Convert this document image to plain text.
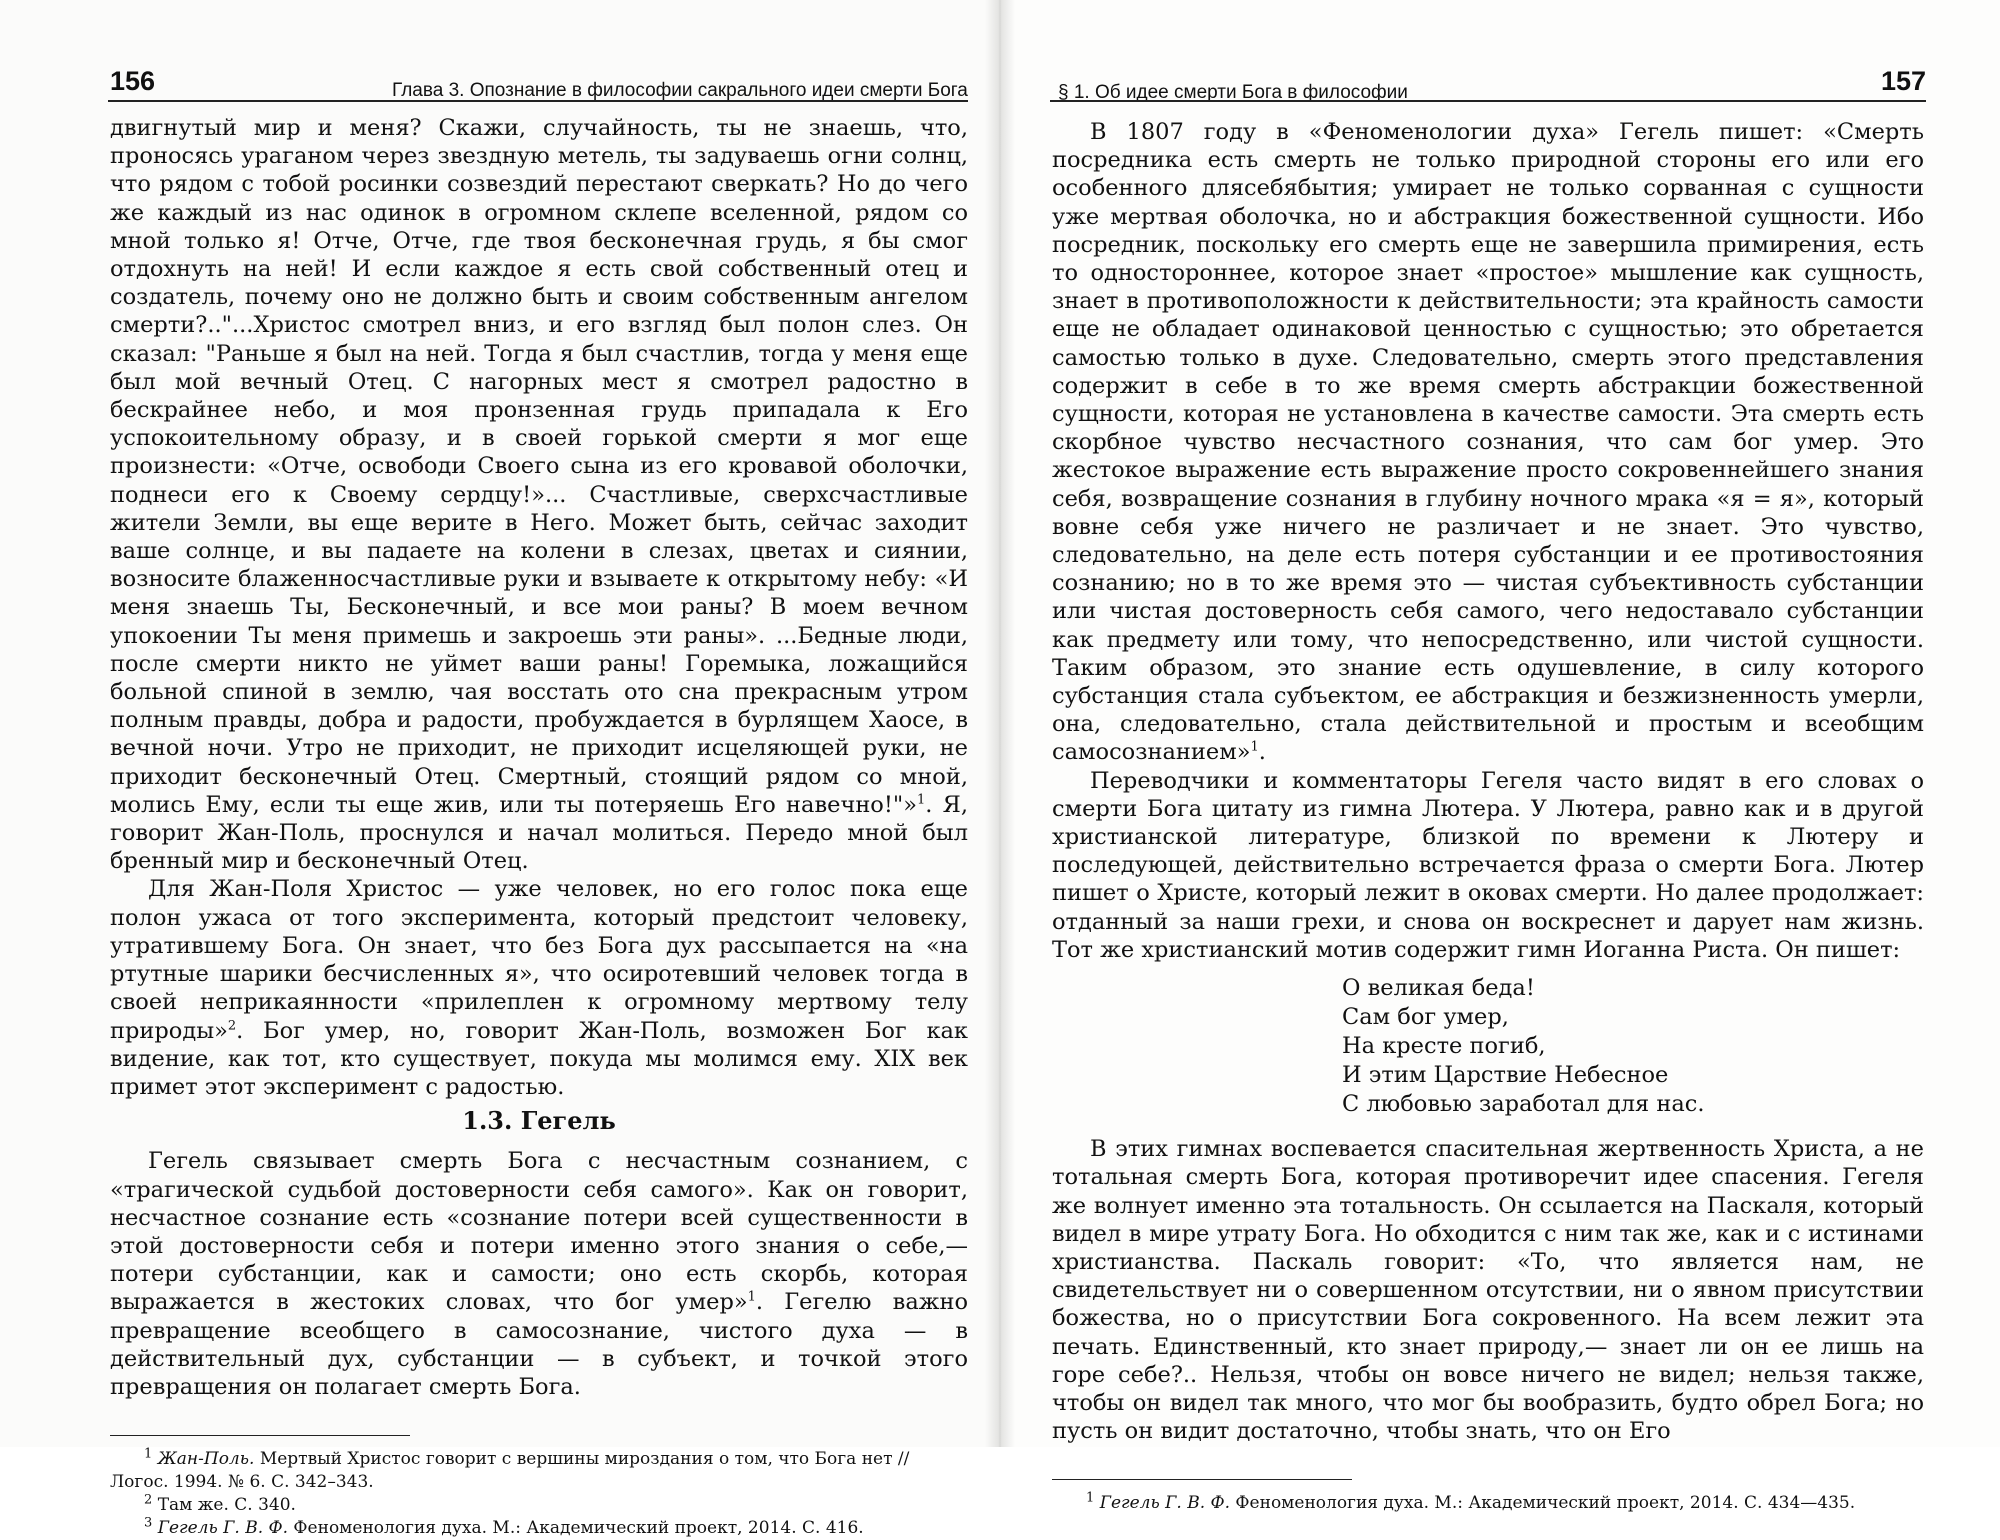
156	Глава 3. Опознание в философии сакрального идеи смерти Бога

двигнутый мир и меня? Скажи, случайность, ты не знаешь, что, проносясь ураганом через звездную метель, ты задуваешь огни солнц, что рядом с тобой росинки созвездий перестают сверкать? Но до чего же каждый из нас одинок в огромном склепе вселенной, рядом со мной только я! Отче, Отче, где твоя бесконечная грудь, я бы смог отдохнуть на ней! И если каждое я есть свой собственный отец и создатель, почему оно не должно быть и своим собственным ангелом смерти?.."...Христос смотрел вниз, и его взгляд был полон слез. Он сказал: "Раньше я был на ней. Тогда я был счастлив, тогда у меня еще был мой вечный Отец. С нагорных мест я смотрел радостно в бескрайнее небо, и моя пронзенная грудь припадала к Его успокоительному образу, и в своей горькой смерти я мог еще произнести: «Отче, освободи Своего сына из его кровавой оболочки, поднеси его к Своему сердцу!»... Счастливые, сверхсчастливые жители Земли, вы еще верите в Него. Может быть, сейчас заходит ваше солнце, и вы падаете на колени в слезах, цветах и сиянии, возносите блаженносчастливые руки и взываете к открытому небу: «И меня знаешь Ты, Бесконечный, и все мои раны? В моем вечном упокоении Ты меня примешь и закроешь эти раны». ...Бедные люди, после смерти никто не уймет ваши раны! Горемыка, ложащийся больной спиной в землю, чая восстать ото сна прекрасным утром полным правды, добра и радости, пробуждается в бурлящем Хаосе, в вечной ночи. Утро не приходит, не приходит исцеляющей руки, не приходит бесконечный Отец. Смертный, стоящий рядом со мной, молись Ему, если ты еще жив, или ты потеряешь Его навечно!"»$^1$. Я, говорит Жан-Поль, проснулся и начал молиться. Передо мной был бренный мир и бесконечный Отец.

Для Жан-Поля Христос — уже человек, но его голос пока еще полон ужаса от того эксперимента, который предстоит человеку, утратившему Бога. Он знает, что без Бога дух рассыпается на «на ртутные шарики бесчисленных я», что осиротевший человек тогда в своей неприкаянности «прилеплен к огромному мертвому телу природы»$^2$. Бог умер, но, говорит Жан-Поль, возможен Бог как видение, как тот, кто существует, покуда мы молимся ему. XIX век примет этот эксперимент с радостью.

1.3. Гегель

Гегель связывает смерть Бога с несчастным сознанием, с «трагической судьбой достоверности себя самого». Как он говорит, несчастное сознание есть «сознание потери всей существенности в этой достоверности себя и потери именно этого знания о себе,— потери субстанции, как и самости; оно есть скорбь, которая выражается в жестоких словах, что бог умер»$^1$. Гегелю важно превращение всеобщего в самосознание, чистого духа — в действительный дух, субстанции — в субъект, и точкой этого превращения он полагает смерть Бога.

$^1$ Жан-Поль. Мертвый Христос говорит с вершины мироздания о том, что Бога нет // Логос. 1994. № 6. С. 342–343.

$^2$ Там же. С. 340.

$^3$ Гегель Г. В. Ф. Феноменология духа. М.: Академический проект, 2014. С. 416.

§ 1. Об идее смерти Бога в философии	157

В 1807 году в «Феноменологии духа» Гегель пишет: «Смерть посредника есть смерть не только природной стороны его или его особенного длясебябытия; умирает не только сорванная с сущности уже мертвая оболочка, но и абстракция божественной сущности. Ибо посредник, поскольку его смерть еще не завершила примирения, есть то одностороннее, которое знает «простое» мышление как сущность, знает в противоположности к действительности; эта крайность самости еще не обладает одинаковой ценностью с сущностью; это обретается самостью только в духе. Следовательно, смерть этого представления содержит в себе в то же время смерть абстракции божественной сущности, которая не установлена в качестве самости. Эта смерть есть скорбное чувство несчастного сознания, что сам бог умер. Это жестокое выражение есть выражение просто сокровеннейшего знания себя, возвращение сознания в глубину ночного мрака «я = я», который вовне себя уже ничего не различает и не знает. Это чувство, следовательно, на деле есть потеря субстанции и ее противостояния сознанию; но в то же время это — чистая субъективность субстанции или чистая достоверность себя самого, чего недоставало субстанции как предмету или тому, что непосредственно, или чистой сущности. Таким образом, это знание есть одушевление, в силу которого субстанция стала субъектом, ее абстракция и безжизненность умерли, она, следовательно, стала действительной и простым и всеобщим самосознанием»$^1$.

Переводчики и комментаторы Гегеля часто видят в его словах о смерти Бога цитату из гимна Лютера. У Лютера, равно как и в другой христианской литературе, близкой по времени к Лютеру и последующей, действительно встречается фраза о смерти Бога. Лютер пишет о Христе, который лежит в оковах смерти. Но далее продолжает: отданный за наши грехи, и снова он воскреснет и дарует нам жизнь. Тот же христианский мотив содержит гимн Иоганна Риста. Он пишет:

О великая беда!
Сам бог умер,
На кресте погиб,
И этим Царствие Небесное
С любовью заработал для нас.

В этих гимнах воспевается спасительная жертвенность Христа, а не тотальная смерть Бога, которая противоречит идее спасения. Гегеля же волнует именно эта тотальность. Он ссылается на Паскаля, который видел в мире утрату Бога. Но обходится с ним так же, как и с истинами христианства. Паскаль говорит: «То, что является нам, не свидетельствует ни о совершенном отсутствии, ни о явном присутствии божества, но о присутствии Бога сокровенного. На всем лежит эта печать. Единственный, кто знает природу,— знает ли он ее лишь на горе себе?.. Нельзя, чтобы он вовсе ничего не видел; нельзя также, чтобы он видел так много, что мог бы вообразить, будто обрел Бога; но пусть он видит достаточно, чтобы знать, что он Его

$^1$ Гегель Г. В. Ф. Феноменология духа. М.: Академический проект, 2014. С. 434—435.
